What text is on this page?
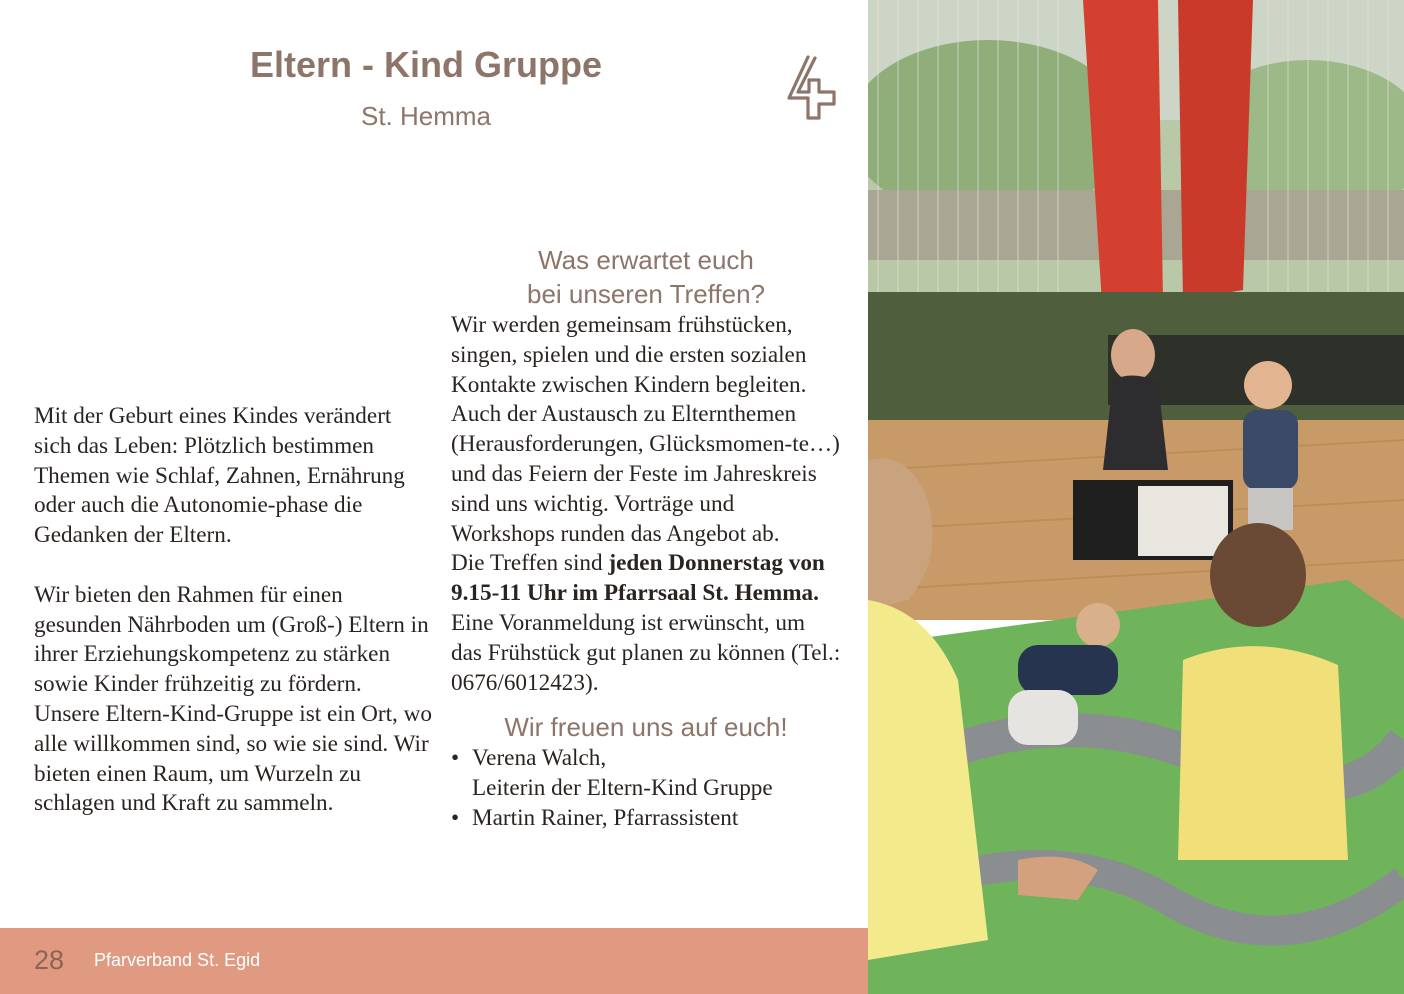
Eltern - Kind Gruppe
St. Hemma

Mit der Geburt eines Kindes verändert sich das Leben: Plötzlich bestimmen Themen wie Schlaf, Zahnen, Ernährung oder auch die Autonomie-phase die Gedanken der Eltern.

Wir bieten den Rahmen für einen gesunden Nährboden um (Groß-) Eltern in ihrer Erziehungskompetenz zu stärken sowie Kinder frühzeitig zu fördern.

Unsere Eltern-Kind-Gruppe ist ein Ort, wo alle willkommen sind, so wie sie sind. Wir bieten einen Raum, um Wurzeln zu schlagen und Kraft zu sammeln.

Was erwartet euch
bei unseren Treffen?

Wir werden gemeinsam frühstücken, singen, spielen und die ersten sozialen Kontakte zwischen Kindern begleiten. Auch der Austausch zu Elternthemen (Herausforderungen, Glücksmomen-te…) und das Feiern der Feste im Jahreskreis sind uns wichtig. Vorträge und Workshops runden das Angebot ab.

Die Treffen sind jeden Donnerstag von 9.15-11 Uhr im Pfarrsaal St. Hemma. Eine Voranmeldung ist erwünscht, um das Frühstück gut planen zu können (Tel.: 0676/6012423).

Wir freuen uns auf euch!
• Verena Walch,
Leiterin der Eltern-Kind Gruppe
• Martin Rainer, Pfarrassistent
28 Pfarverband St. Egid
